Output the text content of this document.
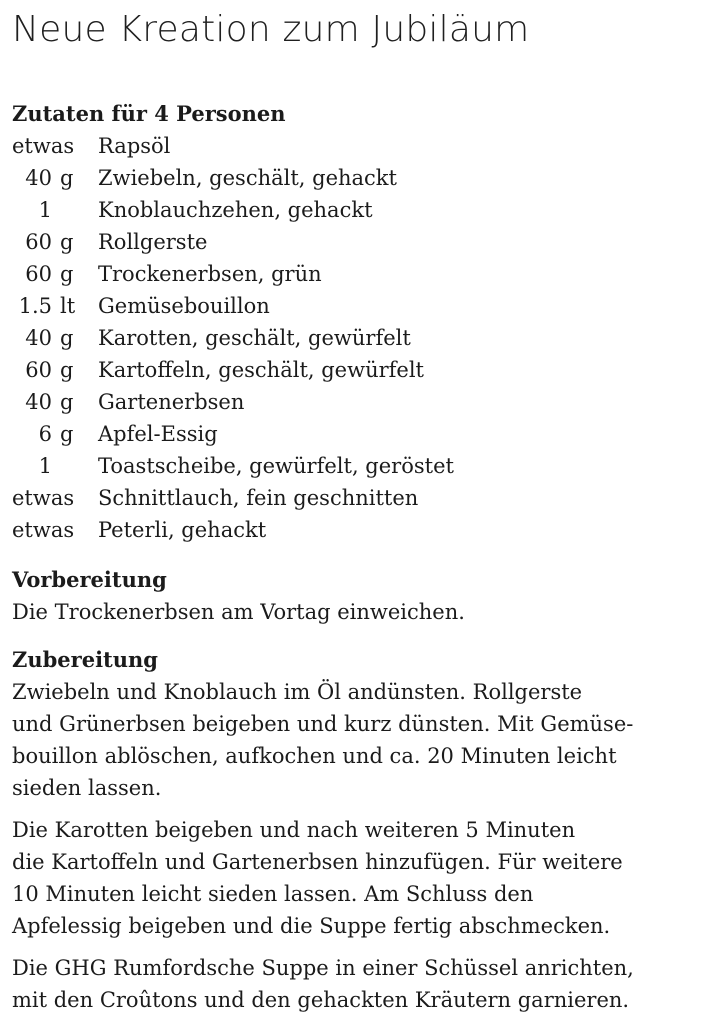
Neue Kreation zum Jubiläum
Zutaten für 4 Personen
etwas	Rapsöl
40 g Zwiebeln, geschält, gehackt
1 Knoblauchzehen, gehackt
60 g Rollgerste
60 g Trockenerbsen, grün
1.5 lt Gemüsebouillon
40 g Karotten, geschält, gewürfelt
60 g Kartoffeln, geschält, gewürfelt
40 g Gartenerbsen
6 g Apfel-Essig
1 Toastscheibe, gewürfelt, geröstet
etwas	Schnittlauch, fein geschnitten
etwas	Peterli, gehackt
Vorbereitung

Die Trockenerbsen am Vortag einweichen.

Zubereitung

Zwiebeln und Knoblauch im Öl andünsten. Rollgerste
und Grünerbsen beigeben und kurz dünsten. Mit Gemüse-
bouillon ablöschen, aufkochen und ca. 20 Minuten leicht
sieden lassen.

Die Karotten beigeben und nach weiteren 5 Minuten
die Kartoffeln und Gartenerbsen hinzufügen. Für weitere
10 Minuten leicht sieden lassen. Am Schluss den
Apfelessig beigeben und die Suppe fertig abschmecken.

Die GHG Rumfordsche Suppe in einer Schüssel anrichten,
mit den Croûtons und den gehackten Kräutern garnieren.
